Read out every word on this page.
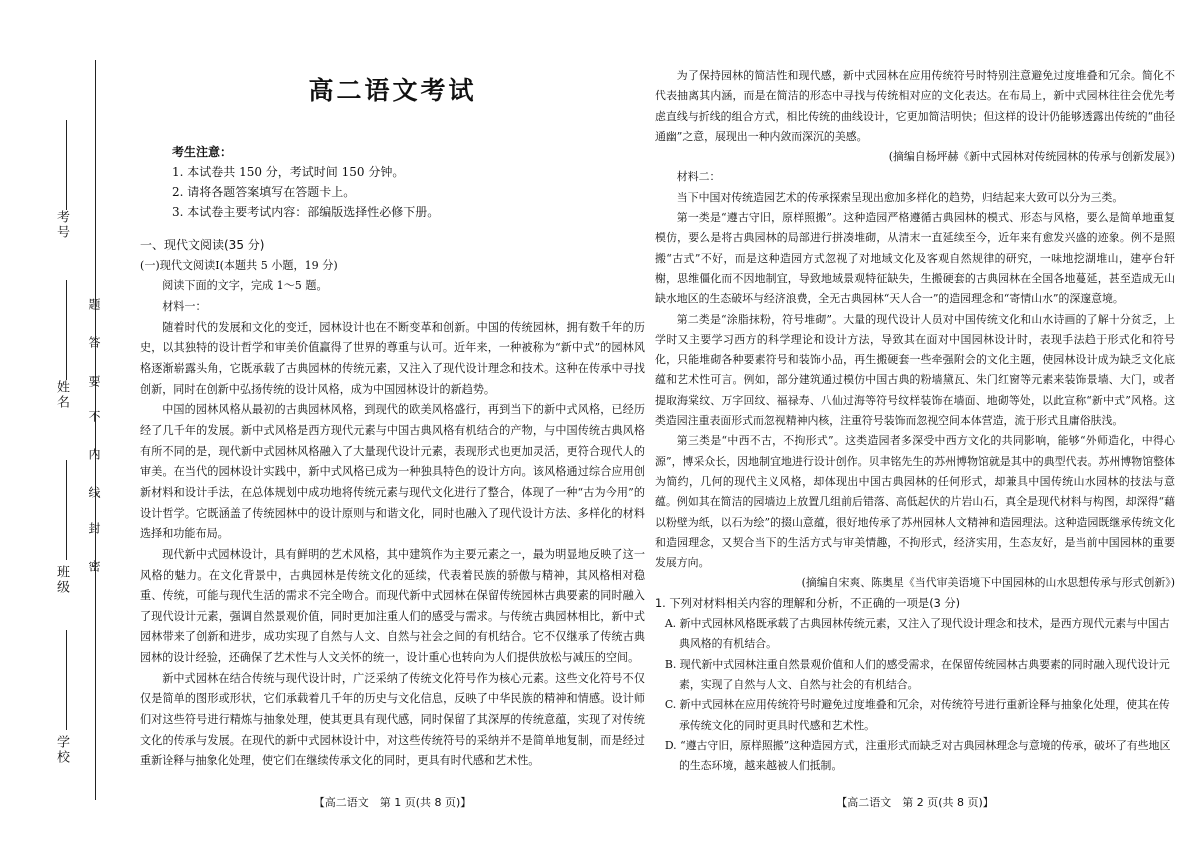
考号
姓名
班级
学校
题
答
要
不
内
线
封
密
高二语文考试
考生注意：
1. 本试卷共 150 分，考试时间 150 分钟。
2. 请将各题答案填写在答题卡上。
3. 本试卷主要考试内容：部编版选择性必修下册。

一、现代文阅读(35 分)

(一)现代文阅读Ⅰ(本题共 5 小题，19 分)

阅读下面的文字，完成 1～5 题。

材料一：

随着时代的发展和文化的变迁，园林设计也在不断变革和创新。中国的传统园林，拥有数千年的历史，以其独特的设计哲学和审美价值赢得了世界的尊重与认可。近年来，一种被称为“新中式”的园林风格逐渐崭露头角，它既承载了古典园林的传统元素，又注入了现代设计理念和技术。这种在传承中寻找创新，同时在创新中弘扬传统的设计风格，成为中国园林设计的新趋势。

中国的园林风格从最初的古典园林风格，到现代的欧美风格盛行，再到当下的新中式风格，已经历经了几千年的发展。新中式风格是西方现代元素与中国古典风格有机结合的产物，与中国传统古典风格有所不同的是，现代新中式园林风格融入了大量现代设计元素，表现形式也更加灵活，更符合现代人的审美。在当代的园林设计实践中，新中式风格已成为一种独具特色的设计方向。该风格通过综合应用创新材料和设计手法，在总体规划中成功地将传统元素与现代文化进行了整合，体现了一种“古为今用”的设计哲学。它既涵盖了传统园林中的设计原则与和谐文化，同时也融入了现代设计方法、多样化的材料选择和功能布局。

现代新中式园林设计，具有鲜明的艺术风格，其中建筑作为主要元素之一，最为明显地反映了这一风格的魅力。在文化背景中，古典园林是传统文化的延续，代表着民族的骄傲与精神，其风格相对稳重、传统，可能与现代生活的需求不完全吻合。而现代新中式园林在保留传统园林古典要素的同时融入了现代设计元素，强调自然景观价值，同时更加注重人们的感受与需求。与传统古典园林相比，新中式园林带来了创新和进步，成功实现了自然与人文、自然与社会之间的有机结合。它不仅继承了传统古典园林的设计经验，还确保了艺术性与人文关怀的统一，设计重心也转向为人们提供放松与减压的空间。

新中式园林在结合传统与现代设计时，广泛采纳了传统文化符号作为核心元素。这些文化符号不仅仅是简单的图形或形状，它们承载着几千年的历史与文化信息，反映了中华民族的精神和情感。设计师们对这些符号进行精炼与抽象处理，使其更具有现代感，同时保留了其深厚的传统意蕴，实现了对传统文化的传承与发展。在现代的新中式园林设计中，对这些传统符号的采纳并不是简单地复制，而是经过重新诠释与抽象化处理，使它们在继续传承文化的同时，更具有时代感和艺术性。

【高二语文　第 1 页(共 8 页)】

为了保持园林的简洁性和现代感，新中式园林在应用传统符号时特别注意避免过度堆叠和冗余。简化不代表抽离其内涵，而是在简洁的形态中寻找与传统相对应的文化表达。在布局上，新中式园林往往会优先考虑直线与折线的组合方式，相比传统的曲线设计，它更加简洁明快；但这样的设计仍能够透露出传统的“曲径通幽”之意，展现出一种内敛而深沉的美感。

(摘编自杨坪赫《新中式园林对传统园林的传承与创新发展》)

材料二：

当下中国对传统造园艺术的传承探索呈现出愈加多样化的趋势，归结起来大致可以分为三类。

第一类是“遵古守旧，原样照搬”。这种造园严格遵循古典园林的模式、形态与风格，要么是简单地重复模仿，要么是将古典园林的局部进行拼凑堆砌，从清末一直延续至今，近年来有愈发兴盛的迹象。例不是照搬“古式”不好，而是这种造园方式忽视了对地域文化及客观自然规律的研究，一味地挖湖堆山，建亭台轩榭，思维僵化而不因地制宜，导致地域景观特征缺失，生搬硬套的古典园林在全国各地蔓延，甚至造成无山缺水地区的生态破坏与经济浪费，全无古典园林“天人合一”的造园理念和“寄情山水”的深邃意境。

第二类是“涂脂抹粉，符号堆砌”。大量的现代设计人员对中国传统文化和山水诗画的了解十分贫乏，上学时又主要学习西方的科学理论和设计方法，导致其在面对中国园林设计时，表现手法趋于形式化和符号化，只能堆砌各种要素符号和装饰小品，再生搬硬套一些牵强附会的文化主题，使园林设计成为缺乏文化底蕴和艺术性可言。例如，部分建筑通过模仿中国古典的粉墙黛瓦、朱门红窗等元素来装饰景墙、大门，或者提取海棠纹、万字回纹、福禄寿、八仙过海等符号纹样装饰在墙面、地砌等处，以此宣称“新中式”风格。这类造园注重表面形式而忽视精神内核，注重符号装饰而忽视空间本体营造，流于形式且庸俗肤浅。

第三类是“中西不古，不拘形式”。这类造园者多深受中西方文化的共同影响，能够“外师造化，中得心源”，博采众长，因地制宜地进行设计创作。贝聿铭先生的苏州博物馆就是其中的典型代表。苏州博物馆整体为简约，几何的现代主义风格，却体现出中国古典园林的任何形式，却兼具中国传统山水园林的技法与意蕴。例如其在简洁的园墙边上放置几组前后错落、高低起伏的片岩山石，真全是现代材料与构图，却深得“藉以粉壁为纸，以石为绘”的掇山意蕴，很好地传承了苏州园林人文精神和造园理法。这种造园既继承传统文化和造园理念，又契合当下的生活方式与审美情趣，不拘形式，经济实用，生态友好，是当前中国园林的重要发展方向。

(摘编自宋爽、陈奥星《当代审美语境下中国园林的山水思想传承与形式创新》)

1. 下列对材料相关内容的理解和分析，不正确的一项是(3 分)

A. 新中式园林风格既承载了古典园林传统元素，又注入了现代设计理念和技术，是西方现代元素与中国古典风格的有机结合。

B. 现代新中式园林注重自然景观价值和人们的感受需求，在保留传统园林古典要素的同时融入现代设计元素，实现了自然与人文、自然与社会的有机结合。

C. 新中式园林在应用传统符号时避免过度堆叠和冗余，对传统符号进行重新诠释与抽象化处理，使其在传承传统文化的同时更具时代感和艺术性。

D. “遵古守旧，原样照搬”这种造园方式，注重形式而缺乏对古典园林理念与意境的传承，破坏了有些地区的生态环境，越来越被人们抵制。

【高二语文　第 2 页(共 8 页)】
